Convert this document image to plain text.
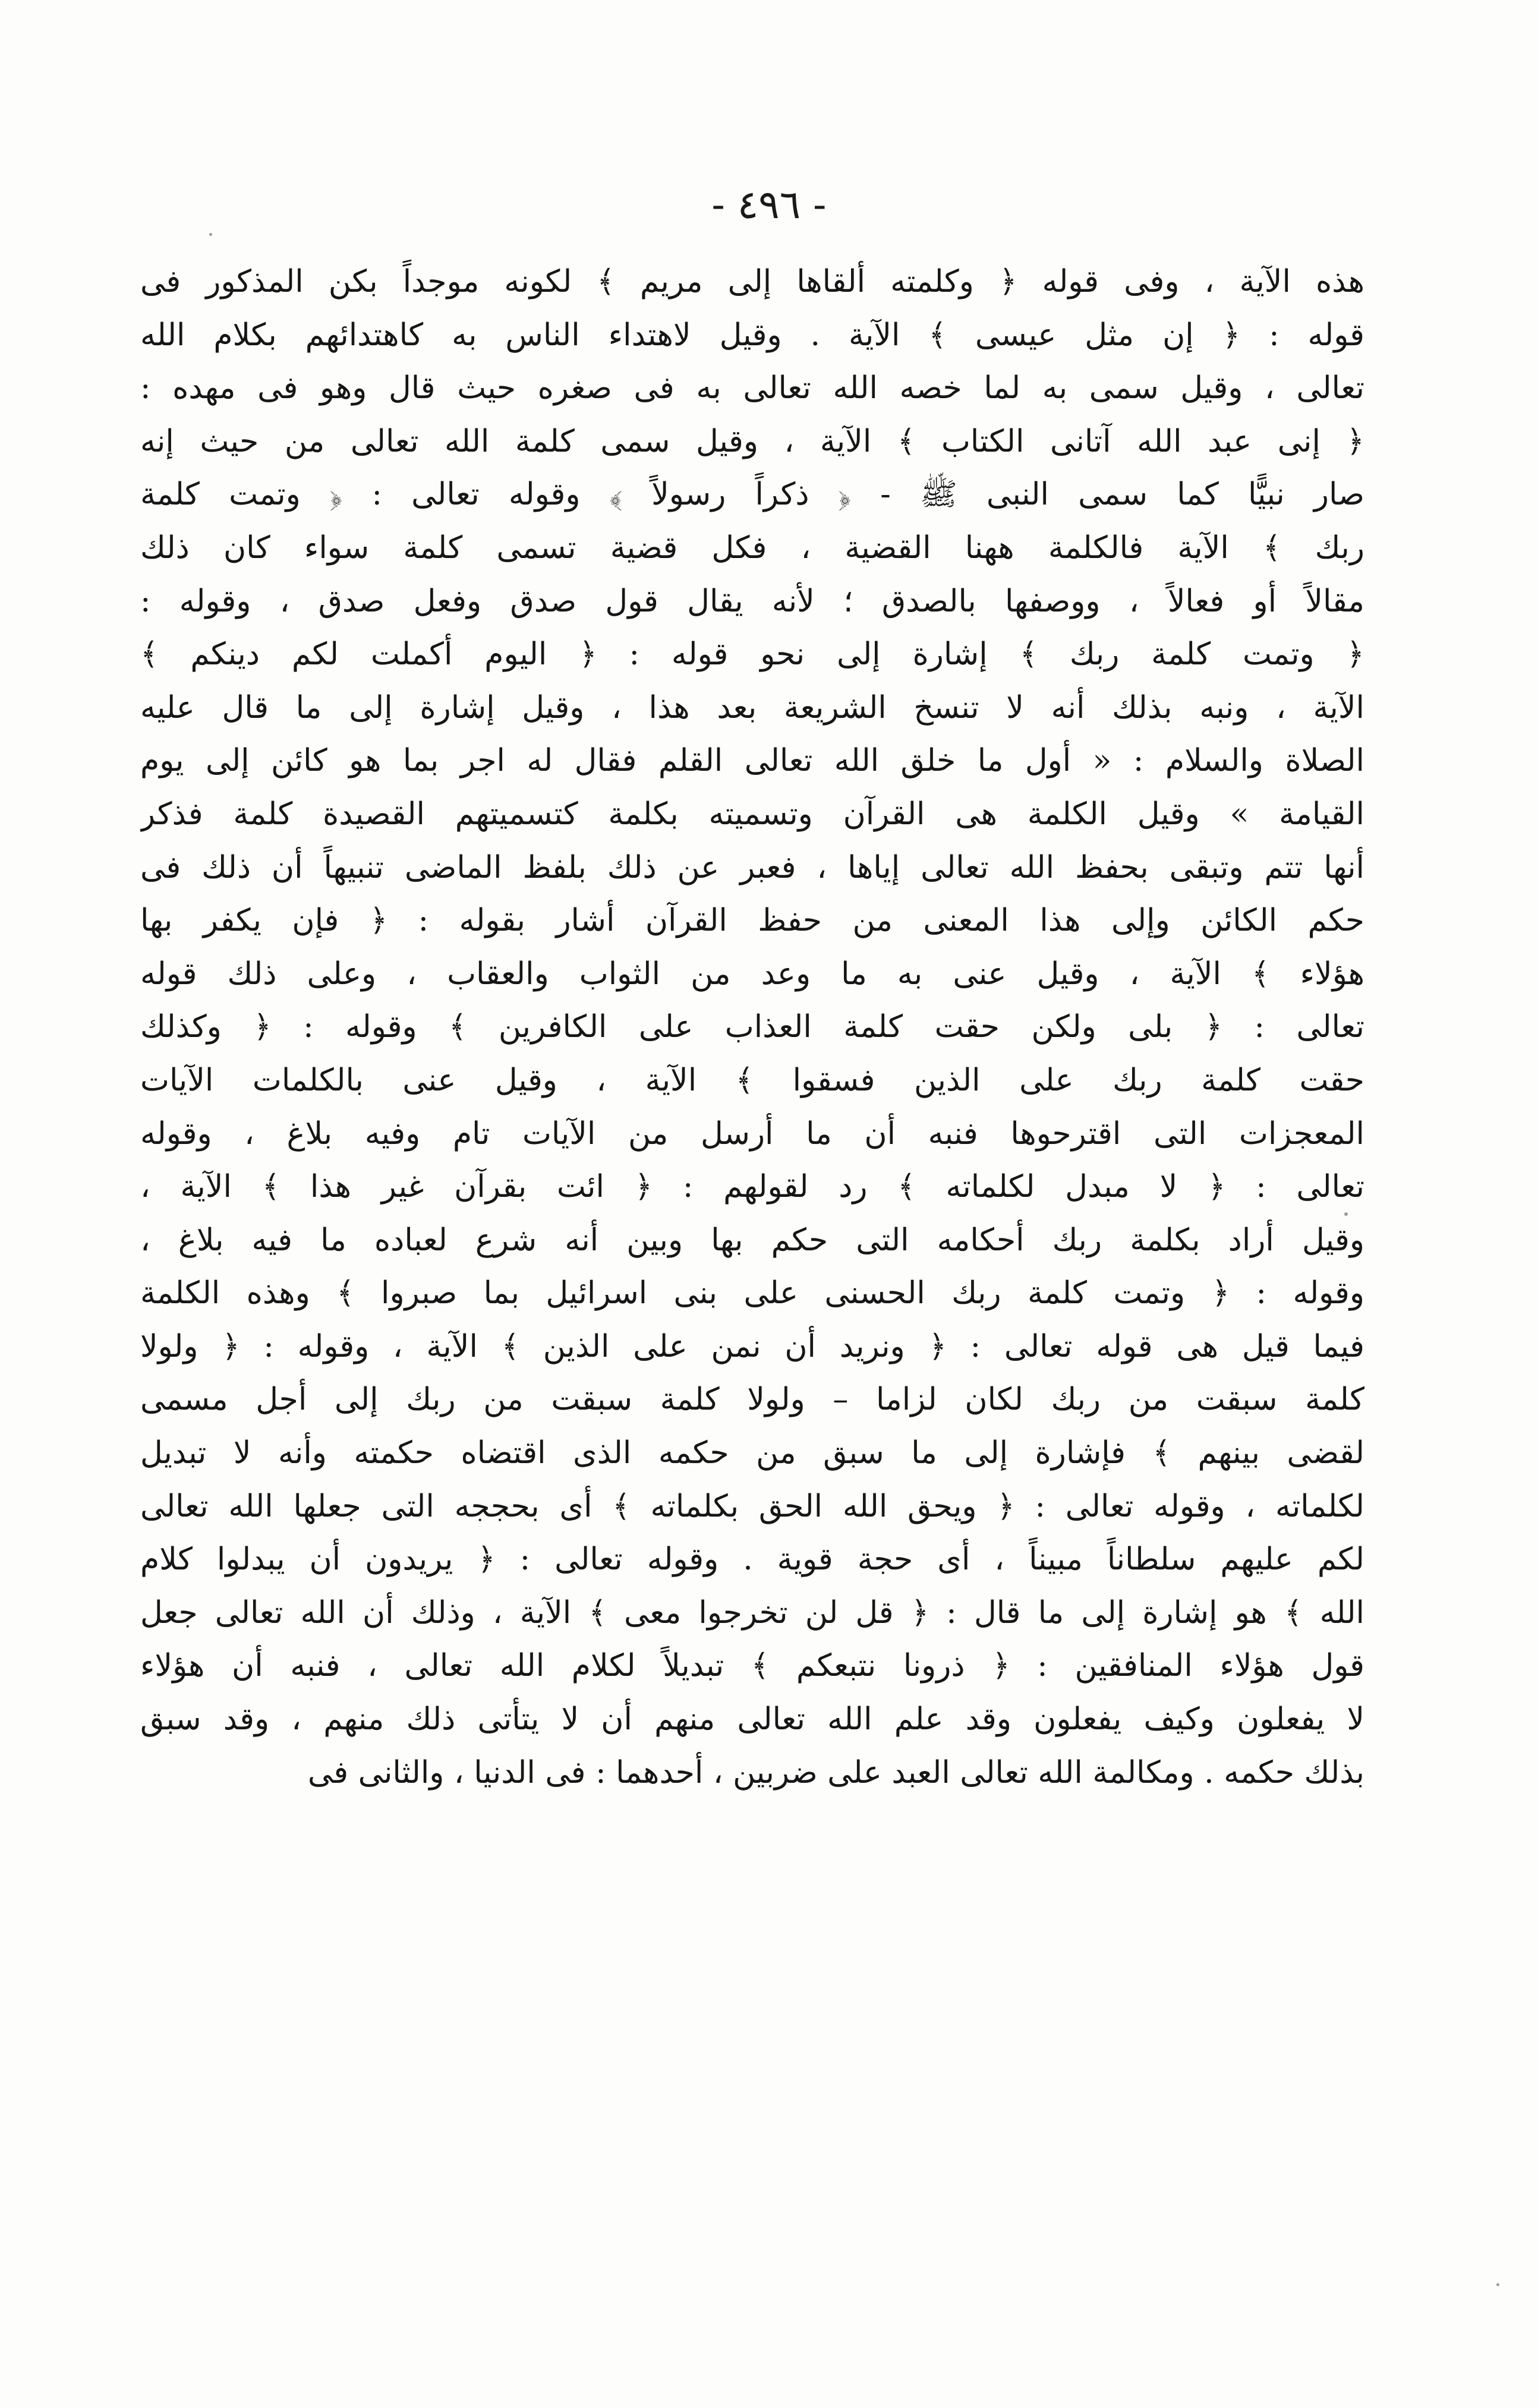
- ٤٩٦ -
هذه الآية ، وفى قوله ﴿ وكلمته ألقاها إلى مريم ﴾ لكونه موجداً بكن المذكور فى
قوله : ﴿ إن مثل عيسى ﴾ الآية . وقيل لاهتداء الناس به كاهتدائهم بكلام الله
تعالى ، وقيل سمى به لما خصه الله تعالى به فى صغره حيث قال وهو فى مهده :
﴿ إنى عبد الله آتانى الكتاب ﴾ الآية ، وقيل سمى كلمة الله تعالى من حيث إنه
صار نبيًّا كما سمى النبى ﷺ - ﴿ ذكراً رسولاً ﴾ وقوله تعالى : ﴿ وتمت كلمة
ربك ﴾ الآية فالكلمة ههنا القضية ، فكل قضية تسمى كلمة سواء كان ذلك
مقالاً أو فعالاً ، ووصفها بالصدق ؛ لأنه يقال قول صدق وفعل صدق ، وقوله :
﴿ وتمت كلمة ربك ﴾ إشارة إلى نحو قوله : ﴿ اليوم أكملت لكم دينكم ﴾
الآية ، ونبه بذلك أنه لا تنسخ الشريعة بعد هذا ، وقيل إشارة إلى ما قال عليه
الصلاة والسلام : « أول ما خلق الله تعالى القلم فقال له اجر بما هو كائن إلى يوم
القيامة » وقيل الكلمة هى القرآن وتسميته بكلمة كتسميتهم القصيدة كلمة فذكر
أنها تتم وتبقى بحفظ الله تعالى إياها ، فعبر عن ذلك بلفظ الماضى تنبيهاً أن ذلك فى
حكم الكائن وإلى هذا المعنى من حفظ القرآن أشار بقوله : ﴿ فإن يكفر بها
هؤلاء ﴾ الآية ، وقيل عنى به ما وعد من الثواب والعقاب ، وعلى ذلك قوله
تعالى : ﴿ بلى ولكن حقت كلمة العذاب على الكافرين ﴾ وقوله : ﴿ وكذلك
حقت كلمة ربك على الذين فسقوا ﴾ الآية ، وقيل عنى بالكلمات الآيات
المعجزات التى اقترحوها فنبه أن ما أرسل من الآيات تام وفيه بلاغ ، وقوله
تعالى : ﴿ لا مبدل لكلماته ﴾ رد لقولهم : ﴿ ائت بقرآن غير هذا ﴾ الآية ،
وقيل أراد بكلمة ربك أحكامه التى حكم بها وبين أنه شرع لعباده ما فيه بلاغ ،
وقوله : ﴿ وتمت كلمة ربك الحسنى على بنى اسرائيل بما صبروا ﴾ وهذه الكلمة
فيما قيل هى قوله تعالى : ﴿ ونريد أن نمن على الذين ﴾ الآية ، وقوله : ﴿ ولولا
كلمة سبقت من ربك لكان لزاما – ولولا كلمة سبقت من ربك إلى أجل مسمى
لقضى بينهم ﴾ فإشارة إلى ما سبق من حكمه الذى اقتضاه حكمته وأنه لا تبديل
لكلماته ، وقوله تعالى : ﴿ ويحق الله الحق بكلماته ﴾ أى بحججه التى جعلها الله تعالى
لكم عليهم سلطاناً مبيناً ، أى حجة قوية . وقوله تعالى : ﴿ يريدون أن يبدلوا كلام
الله ﴾ هو إشارة إلى ما قال : ﴿ قل لن تخرجوا معى ﴾ الآية ، وذلك أن الله تعالى جعل
قول هؤلاء المنافقين : ﴿ ذرونا نتبعكم ﴾ تبديلاً لكلام الله تعالى ، فنبه أن هؤلاء
لا يفعلون وكيف يفعلون وقد علم الله تعالى منهم أن لا يتأتى ذلك منهم ، وقد سبق
بذلك حكمه . ومكالمة الله تعالى العبد على ضربين ، أحدهما : فى الدنيا ، والثانى فى
